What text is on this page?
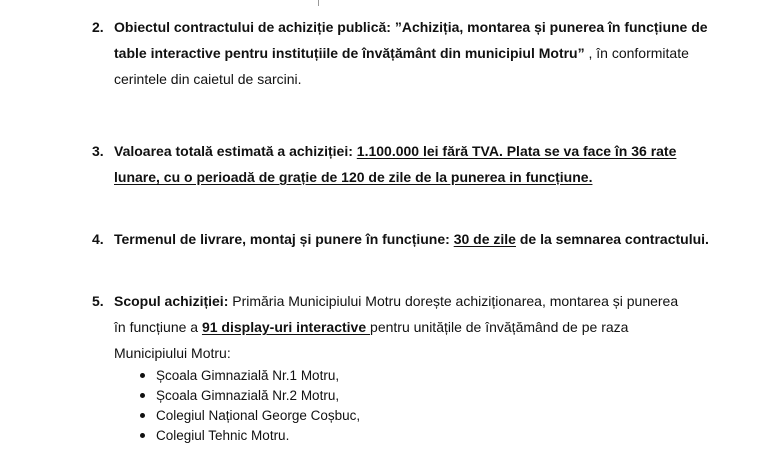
2. Obiectul contractului de achiziție publică: ”Achiziția, montarea și punerea în funcțiune de
table interactive pentru instituțiile de învățământ din municipiul Motru” , în conformitate
cerintele din caietul de sarcini.
3. Valoarea totală estimată a achiziției: 1.100.000 lei fără TVA. Plata se va face în 36 rate
lunare, cu o perioadă de grație de 120 de zile de la punerea in funcțiune.
4. Termenul de livrare, montaj și punere în funcțiune: 30 de zile de la semnarea contractului.
5. Scopul achiziției: Primăria Municipiului Motru dorește achiziționarea, montarea și punerea
în funcțiune a 91 display-uri interactive pentru unitățile de învățămând de pe raza
Municipiului Motru:
Școala Gimnazială Nr.1 Motru,
Școala Gimnazială Nr.2 Motru,
Colegiul Național George Coșbuc,
Colegiul Tehnic Motru.
